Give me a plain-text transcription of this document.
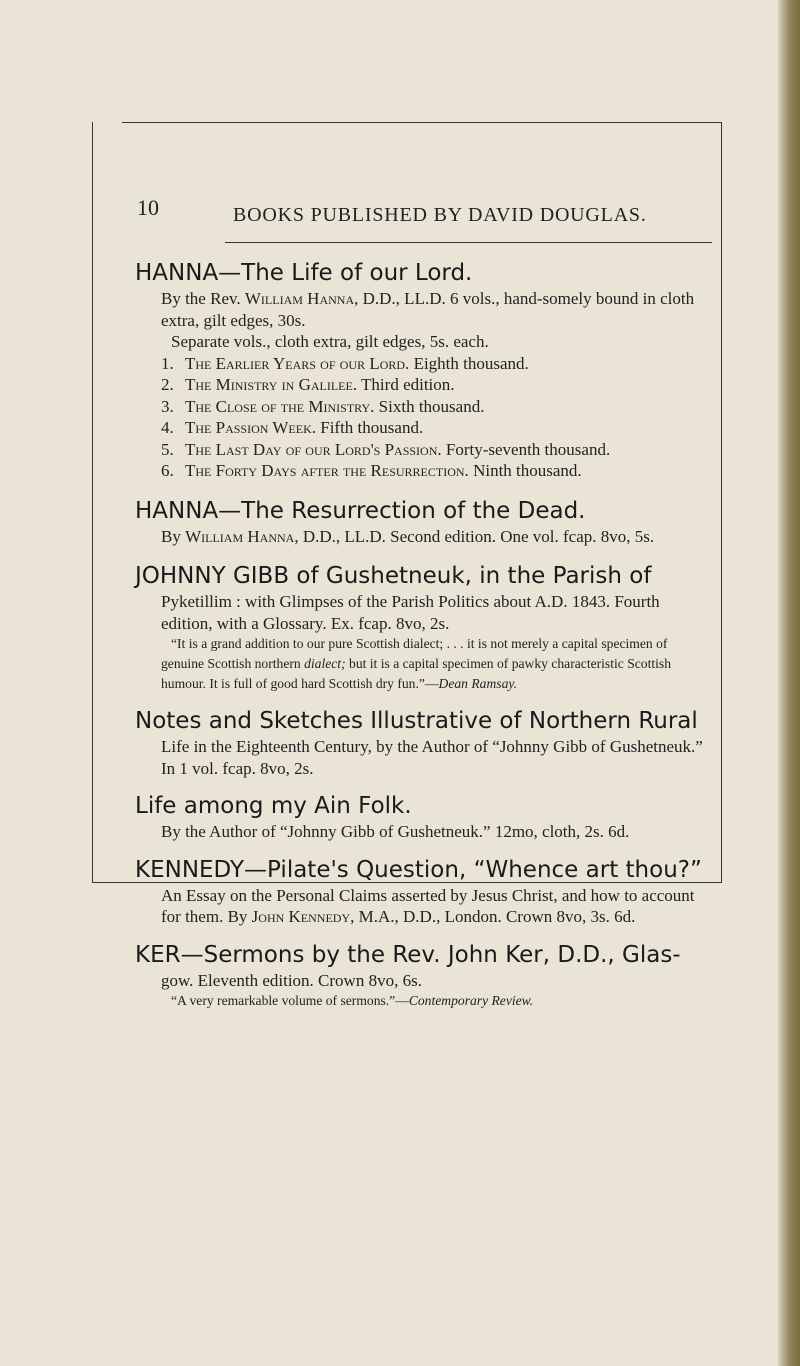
10	BOOKS PUBLISHED BY DAVID DOUGLAS.
HANNA—The Life of our Lord.

By the Rev. William Hanna, D.D., LL.D. 6 vols., hand-somely bound in cloth extra, gilt edges, 30s.

Separate vols., cloth extra, gilt edges, 5s. each.

1. The Earlier Years of our Lord. Eighth thousand.
2. The Ministry in Galilee. Third edition.
3. The Close of the Ministry. Sixth thousand.
4. The Passion Week. Fifth thousand.
5. The Last Day of our Lord's Passion. Forty-seventh thousand.
6. The Forty Days after the Resurrection. Ninth thousand.
HANNA—The Resurrection of the Dead.

By William Hanna, D.D., LL.D. Second edition. One vol. fcap. 8vo, 5s.

JOHNNY GIBB of Gushetneuk, in the Parish of

Pyketillim : with Glimpses of the Parish Politics about A.D. 1843. Fourth edition, with a Glossary. Ex. fcap. 8vo, 2s.

“It is a grand addition to our pure Scottish dialect; . . . it is not merely a capital specimen of genuine Scottish northern dialect; but it is a capital specimen of pawky characteristic Scottish humour. It is full of good hard Scottish dry fun.”—Dean Ramsay.

Notes and Sketches Illustrative of Northern Rural

Life in the Eighteenth Century, by the Author of “Johnny Gibb of Gushetneuk.” In 1 vol. fcap. 8vo, 2s.

Life among my Ain Folk.

By the Author of “Johnny Gibb of Gushetneuk.” 12mo, cloth, 2s. 6d.

KENNEDY—Pilate's Question, “Whence art thou?”

An Essay on the Personal Claims asserted by Jesus Christ, and how to account for them. By John Kennedy, M.A., D.D., London. Crown 8vo, 3s. 6d.

KER—Sermons by the Rev. John Ker, D.D., Glas-

gow. Eleventh edition. Crown 8vo, 6s.

“A very remarkable volume of sermons.”—Contemporary Review.
